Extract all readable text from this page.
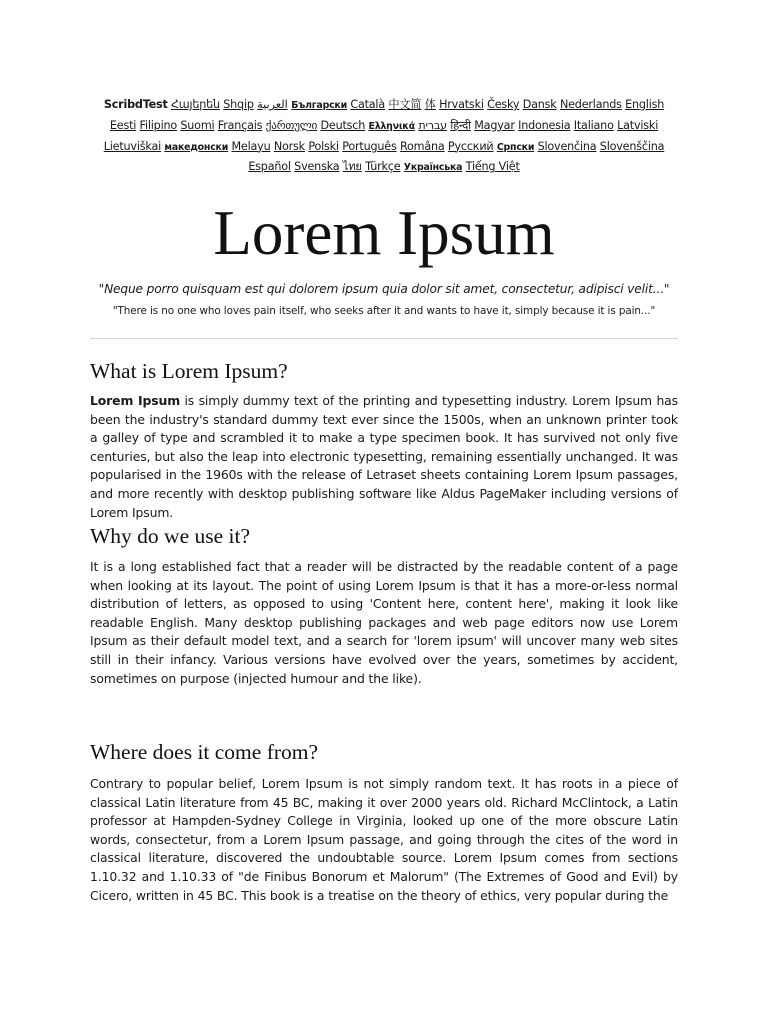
ScribdTest Հայերեն Shqip العربية Български Català 中文简 体 Hrvatski Česky Dansk Nederlands English Eesti Filipino Suomi Français ქართული Deutsch Ελληνικά עברית हिन्दी Magyar Indonesia Italiano Latviski Lietuviškai македонски Melayu Norsk Polski Português Româna Pусский Српски Slovenčina Slovenščina Español Svenska ไทย Türkçe Українська Tiếng Việt
Lorem Ipsum
"Neque porro quisquam est qui dolorem ipsum quia dolor sit amet, consectetur, adipisci velit..."
"There is no one who loves pain itself, who seeks after it and wants to have it, simply because it is pain..."
What is Lorem Ipsum?

Lorem Ipsum is simply dummy text of the printing and typesetting industry. Lorem Ipsum has been the industry's standard dummy text ever since the 1500s, when an unknown printer took a galley of type and scrambled it to make a type specimen book. It has survived not only five centuries, but also the leap into electronic typesetting, remaining essentially unchanged. It was popularised in the 1960s with the release of Letraset sheets containing Lorem Ipsum passages, and more recently with desktop publishing software like Aldus PageMaker including versions of Lorem Ipsum.

Why do we use it?

It is a long established fact that a reader will be distracted by the readable content of a page when looking at its layout. The point of using Lorem Ipsum is that it has a more-or-less normal distribution of letters, as opposed to using 'Content here, content here', making it look like readable English. Many desktop publishing packages and web page editors now use Lorem Ipsum as their default model text, and a search for 'lorem ipsum' will uncover many web sites still in their infancy. Various versions have evolved over the years, sometimes by accident, sometimes on purpose (injected humour and the like).

Where does it come from?

Contrary to popular belief, Lorem Ipsum is not simply random text. It has roots in a piece of classical Latin literature from 45 BC, making it over 2000 years old. Richard McClintock, a Latin professor at Hampden-Sydney College in Virginia, looked up one of the more obscure Latin words, consectetur, from a Lorem Ipsum passage, and going through the cites of the word in classical literature, discovered the undoubtable source. Lorem Ipsum comes from sections 1.10.32 and 1.10.33 of "de Finibus Bonorum et Malorum" (The Extremes of Good and Evil) by Cicero, written in 45 BC. This book is a treatise on the theory of ethics, very popular during the
